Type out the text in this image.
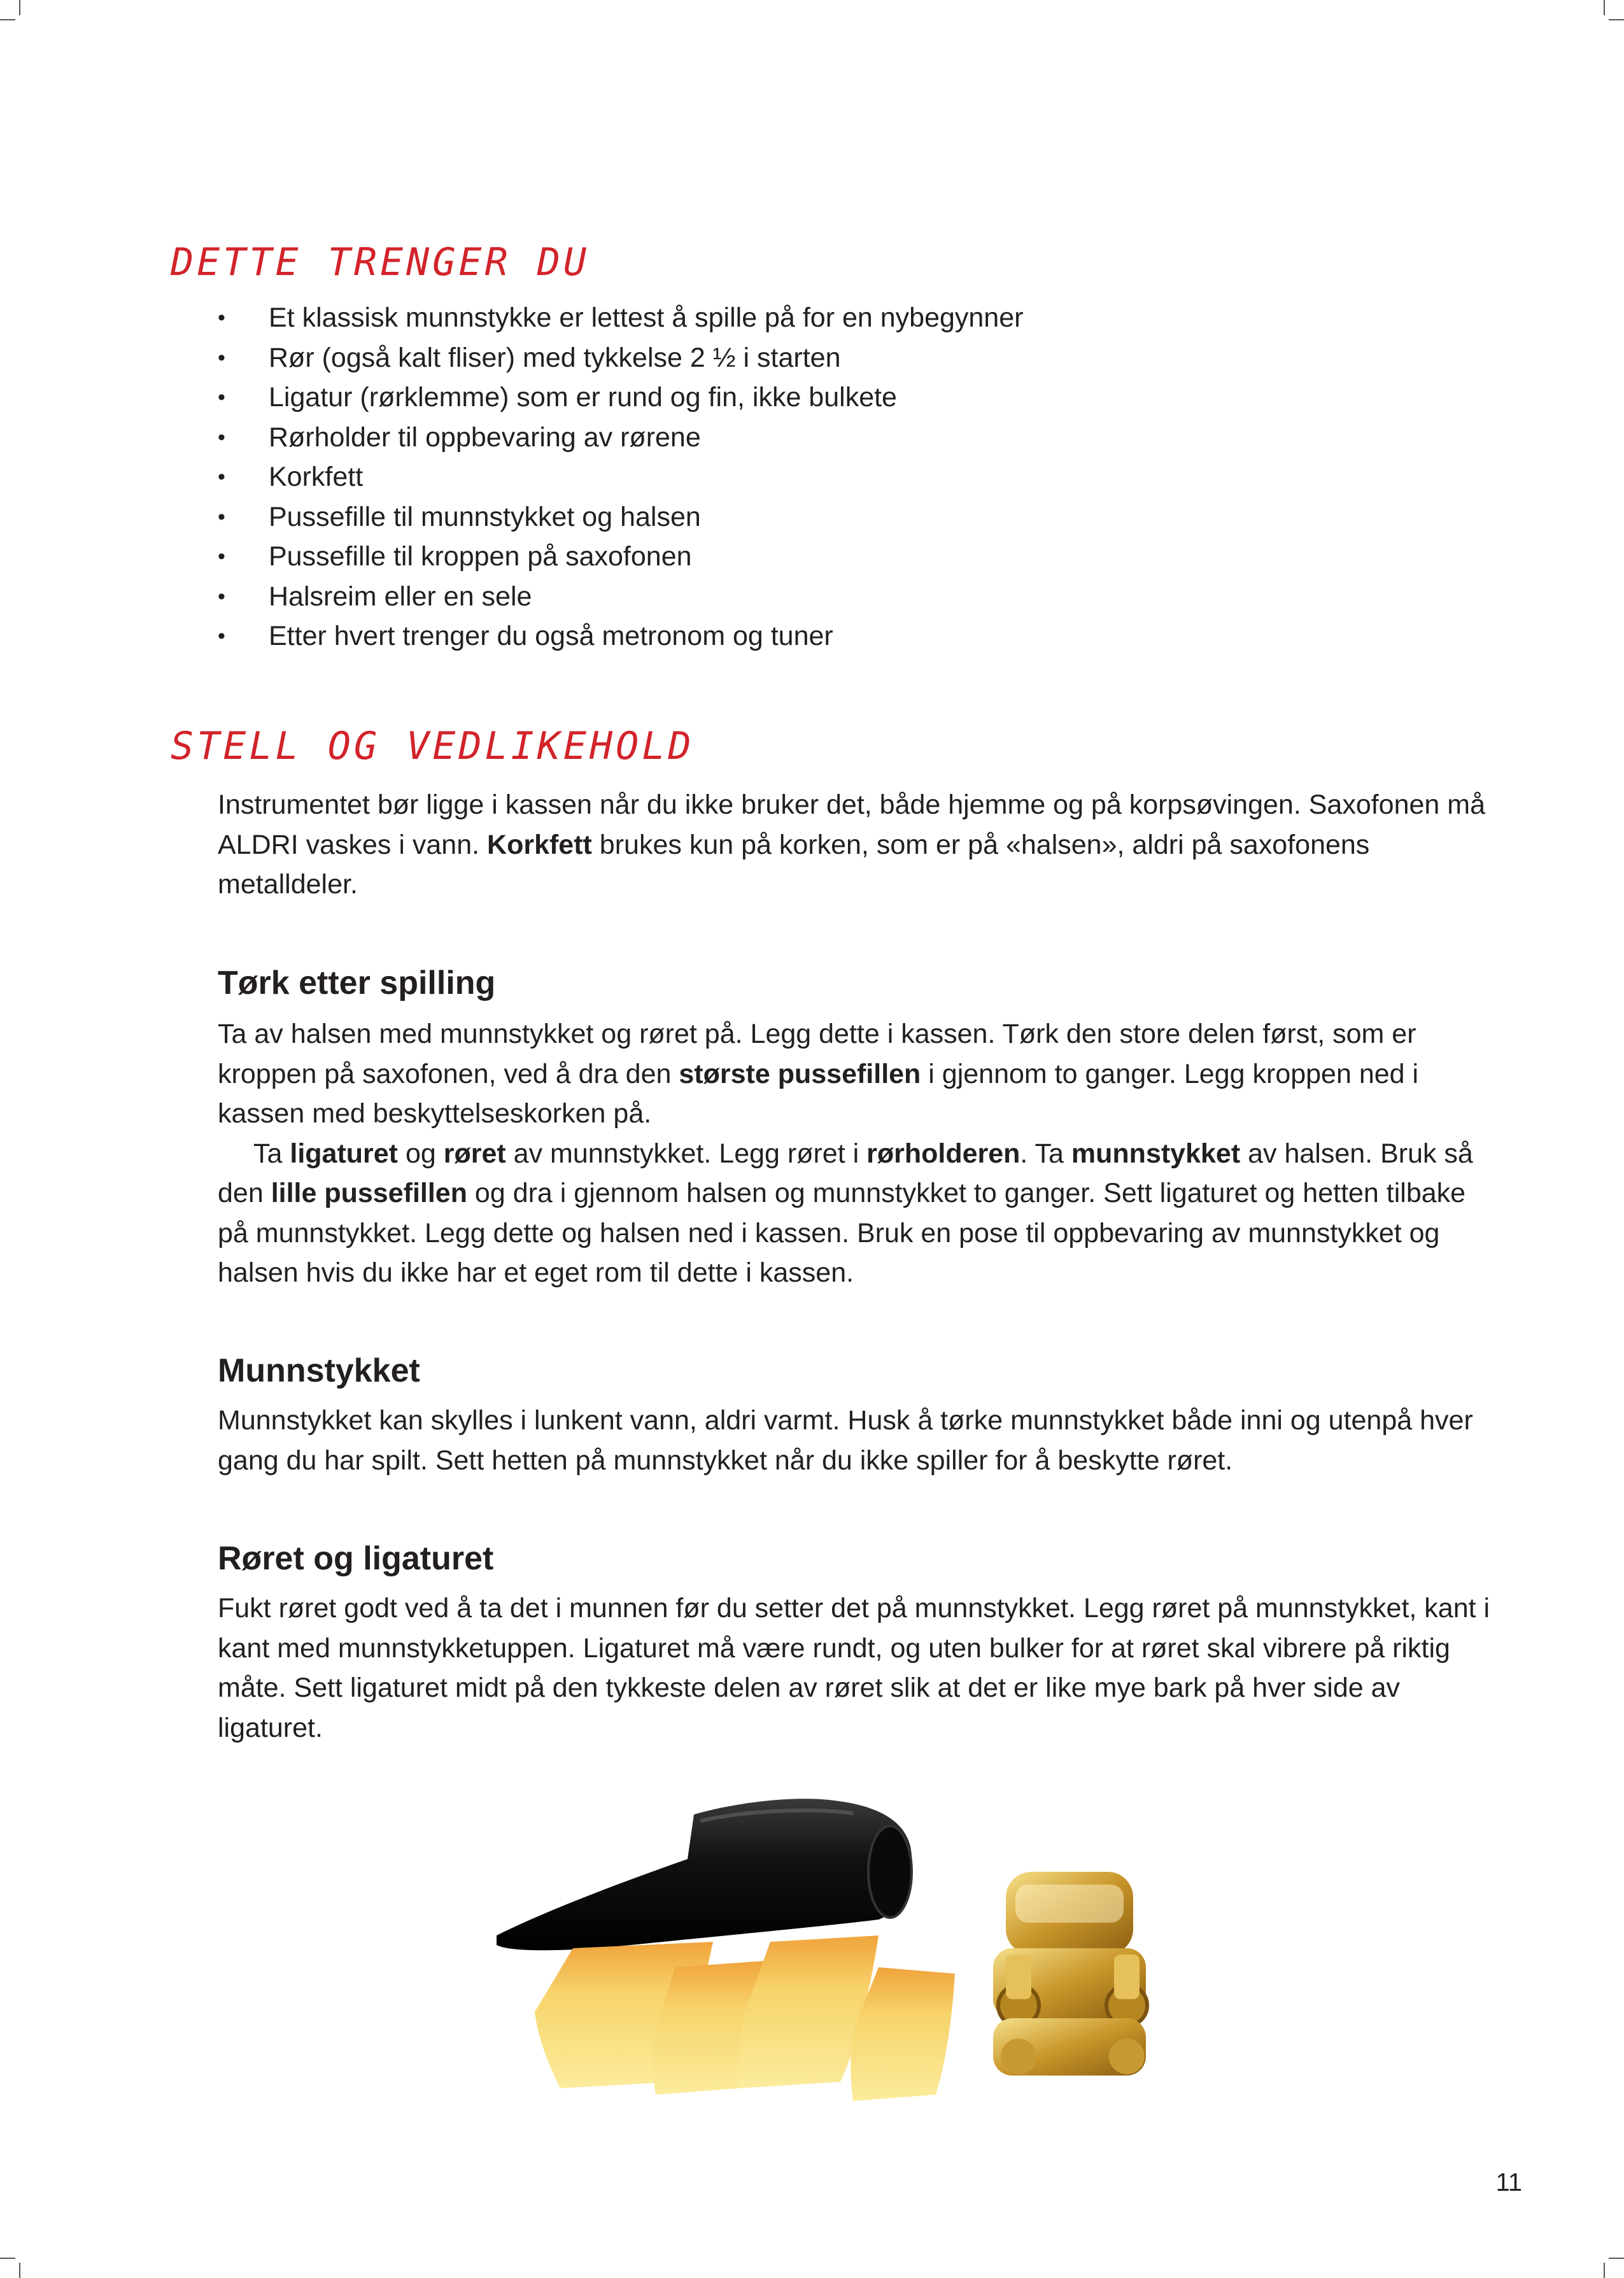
DETTE TRENGER DU
• Et klassisk munnstykke er lettest å spille på for en nybegynner
• Rør (også kalt fliser) med tykkelse 2 ½ i starten
• Ligatur (rørklemme) som er rund og fin, ikke bulkete
• Rørholder til oppbevaring av rørene
• Korkfett
• Pussefille til munnstykket og halsen
• Pussefille til kroppen på saxofonen
• Halsreim eller en sele
• Etter hvert trenger du også metronom og tuner
STELL OG VEDLIKEHOLD

Instrumentet bør ligge i kassen når du ikke bruker det, både hjemme og på korpsøvingen. Saxofonen må ALDRI vaskes i vann. Korkfett brukes kun på korken, som er på «halsen», aldri på saxofonens metalldeler.

Tørk etter spilling

Ta av halsen med munnstykket og røret på. Legg dette i kassen. Tørk den store delen først, som er kroppen på saxofonen, ved å dra den største pussefillen i gjennom to ganger. Legg kroppen ned i kassen med beskyttelseskorken på.
Ta ligaturet og røret av munnstykket. Legg røret i rørholderen. Ta munnstykket av halsen. Bruk så den lille pussefillen og dra i gjennom halsen og munnstykket to ganger. Sett ligaturet og hetten tilbake på munnstykket. Legg dette og halsen ned i kassen. Bruk en pose til oppbevaring av munnstykket og halsen hvis du ikke har et eget rom til dette i kassen.

Munnstykket

Munnstykket kan skylles i lunkent vann, aldri varmt. Husk å tørke munnstykket både inni og utenpå hver gang du har spilt. Sett hetten på munnstykket når du ikke spiller for å beskytte røret.

Røret og ligaturet

Fukt røret godt ved å ta det i munnen før du setter det på munnstykket. Legg røret på munnstykket, kant i kant med munnstykketuppen. Ligaturet må være rundt, og uten bulker for at røret skal vibrere på riktig måte. Sett ligaturet midt på den tykkeste delen av røret slik at det er like mye bark på hver side av ligaturet.

11
